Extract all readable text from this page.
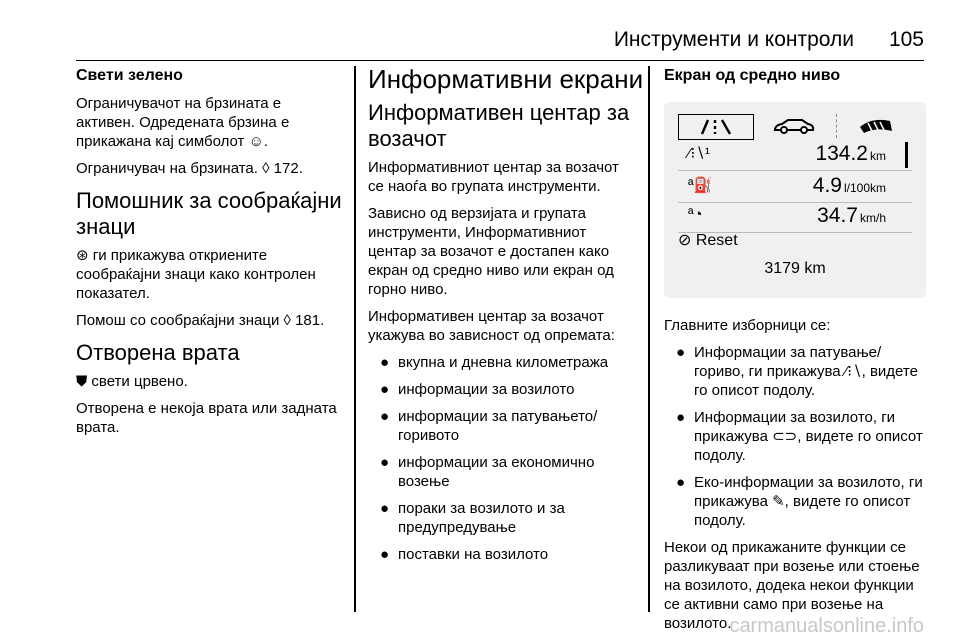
Инструменти и контроли 105
Свети зелено

Ограничувачот на брзината е активен. Одредената брзина е прикажана кај симболот ☺.

Ограничувач на брзината. ◊ 172.

Помошник за сообраќајни знаци

⊛ ги прикажува откриените сообраќајни знаци како контролен показател.

Помош со сообраќајни знаци ◊ 181.

Отворена врата

⛊ свети црвено.

Отворена е некоја врата или задната врата.

Информативни екрани
Информативен центар за возачот

Информативниот центар за возачот се наоѓа во групата инструменти.

Зависно од верзијата и групата инструменти, Информативниот центар за возачот е достапен како екран од средно ниво или екран од горно ниво.

Информативен центар за возачот укажува во зависност од опремата:

● вкупна и дневна километража
● информации за возилото
● информации за патувањето/ горивото
● информации за економично возење
● пораки за возилото и за предупредување
● поставки на возилото
Екран од средно ниво
⁄⁝∖¹	134.2 km
ª⛽	4.9 l/100km
ª◔	34.7 km/h
⊘ Reset
3179 km

Главните изборници се:

● Информации за патување/ гориво, ги прикажува ⁄⁝∖, видете го описот подолу.
● Информации за возилото, ги прикажува ⊂⊃, видете го описот подолу.
● Еко-информации за возилото, ги прикажува ✎, видете го описот подолу.

Некои од прикажаните функции се разликуваат при возење или стоење на возилото, додека некои функции се активни само при возење на возилото.

carmanualsonline.info
